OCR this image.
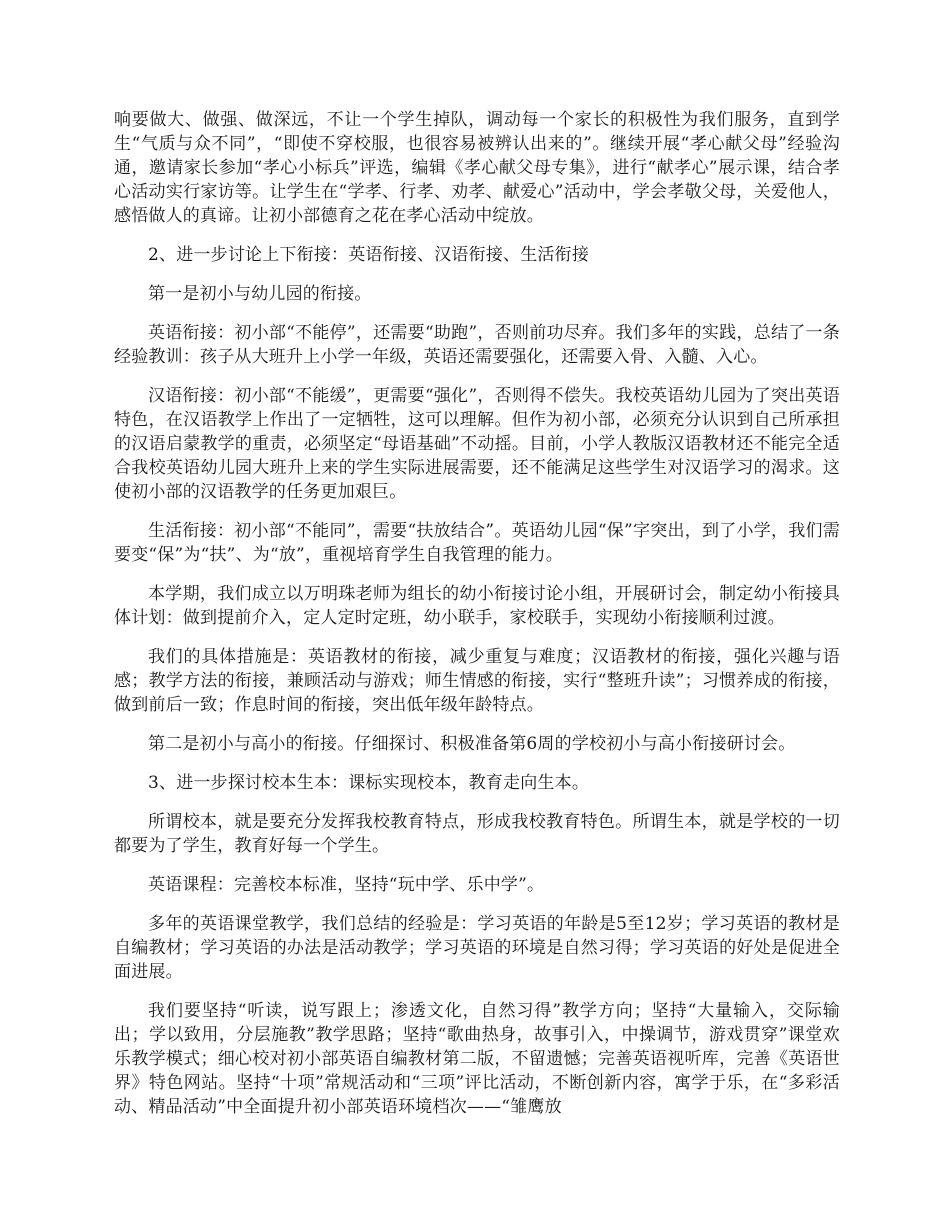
响要做大、做强、做深远，不让一个学生掉队，调动每一个家长的积极性为我们服务，直到学生“气质与众不同”，“即使不穿校服，也很容易被辨认出来的”。继续开展“孝心献父母”经验沟通，邀请家长参加“孝心小标兵”评选，编辑《孝心献父母专集》，进行“献孝心”展示课，结合孝心活动实行家访等。让学生在“学孝、行孝、劝孝、献爱心”活动中，学会孝敬父母，关爱他人，感悟做人的真谛。让初小部德育之花在孝心活动中绽放。

2、进一步讨论上下衔接：英语衔接、汉语衔接、生活衔接

第一是初小与幼儿园的衔接。

英语衔接：初小部“不能停”，还需要“助跑”，否则前功尽弃。我们多年的实践，总结了一条经验教训：孩子从大班升上小学一年级，英语还需要强化，还需要入骨、入髓、入心。

汉语衔接：初小部“不能缓”，更需要“强化”，否则得不偿失。我校英语幼儿园为了突出英语特色，在汉语教学上作出了一定牺牲，这可以理解。但作为初小部，必须充分认识到自己所承担的汉语启蒙教学的重责，必须坚定“母语基础”不动摇。目前，小学人教版汉语教材还不能完全适合我校英语幼儿园大班升上来的学生实际进展需要，还不能满足这些学生对汉语学习的渴求。这使初小部的汉语教学的任务更加艰巨。

生活衔接：初小部“不能同”，需要“扶放结合”。英语幼儿园“保”字突出，到了小学，我们需要变“保”为“扶”、为“放”，重视培育学生自我管理的能力。

本学期，我们成立以万明珠老师为组长的幼小衔接讨论小组，开展研讨会，制定幼小衔接具体计划：做到提前介入，定人定时定班，幼小联手，家校联手，实现幼小衔接顺利过渡。

我们的具体措施是：英语教材的衔接，减少重复与难度；汉语教材的衔接，强化兴趣与语感；教学方法的衔接，兼顾活动与游戏；师生情感的衔接，实行“整班升读”；习惯养成的衔接，做到前后一致；作息时间的衔接，突出低年级年龄特点。

第二是初小与高小的衔接。仔细探讨、积极准备第6周的学校初小与高小衔接研讨会。

3、进一步探讨校本生本：课标实现校本，教育走向生本。

所谓校本，就是要充分发挥我校教育特点，形成我校教育特色。所谓生本，就是学校的一切都要为了学生，教育好每一个学生。

英语课程：完善校本标准，坚持“玩中学、乐中学”。

多年的英语课堂教学，我们总结的经验是：学习英语的年龄是5至12岁；学习英语的教材是自编教材；学习英语的办法是活动教学；学习英语的环境是自然习得；学习英语的好处是促进全面进展。

我们要坚持“听读，说写跟上；渗透文化，自然习得”教学方向；坚持“大量输入，交际输出；学以致用，分层施教”教学思路；坚持“歌曲热身，故事引入，中操调节，游戏贯穿”课堂欢乐教学模式；细心校对初小部英语自编教材第二版，不留遗憾；完善英语视听库，完善《英语世界》特色网站。坚持“十项”常规活动和“三项”评比活动，不断创新内容，寓学于乐，在“多彩活动、精品活动”中全面提升初小部英语环境档次——“雏鹰放
